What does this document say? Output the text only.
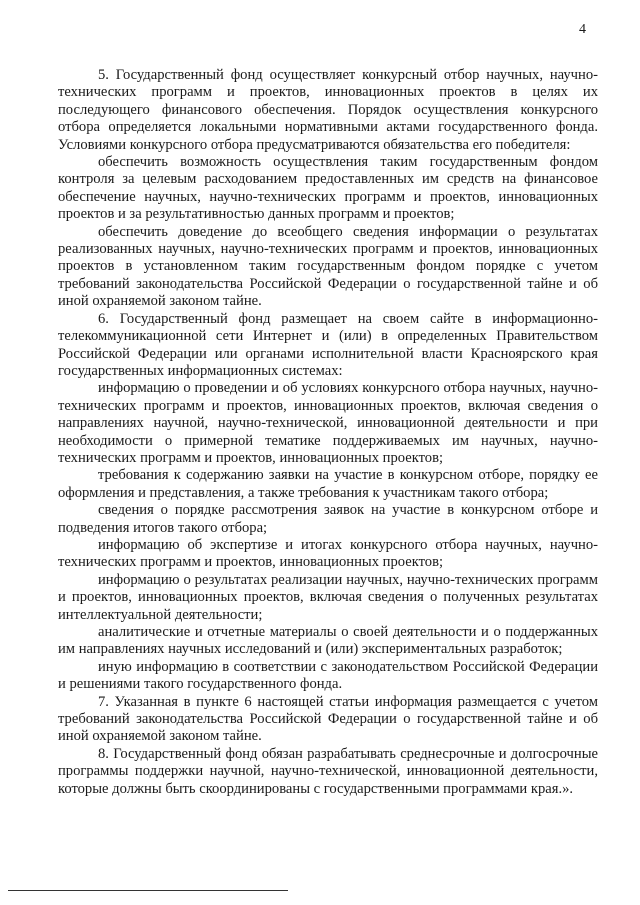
4

5. Государственный фонд осуществляет конкурсный отбор научных, научно-технических программ и проектов, инновационных проектов в целях их последующего финансового обеспечения. Порядок осуществления конкурсного отбора определяется локальными нормативными актами государственного фонда. Условиями конкурсного отбора предусматриваются обязательства его победителя:

обеспечить возможность осуществления таким государственным фондом контроля за целевым расходованием предоставленных им средств на финансовое обеспечение научных, научно-технических программ и проектов, инновационных проектов и за результативностью данных программ и проектов;

обеспечить доведение до всеобщего сведения информации о результатах реализованных научных, научно-технических программ и проектов, инновационных проектов в установленном таким государственным фондом порядке с учетом требований законодательства Российской Федерации о государственной тайне и об иной охраняемой законом тайне.

6. Государственный фонд размещает на своем сайте в информационно-телекоммуникационной сети Интернет и (или) в определенных Правительством Российской Федерации или органами исполнительной власти Красноярского края государственных информационных системах:

информацию о проведении и об условиях конкурсного отбора научных, научно-технических программ и проектов, инновационных проектов, включая сведения о направлениях научной, научно-технической, инновационной деятельности и при необходимости о примерной тематике поддерживаемых им научных, научно-технических программ и проектов, инновационных проектов;

требования к содержанию заявки на участие в конкурсном отборе, порядку ее оформления и представления, а также требования к участникам такого отбора;

сведения о порядке рассмотрения заявок на участие в конкурсном отборе и подведения итогов такого отбора;

информацию об экспертизе и итогах конкурсного отбора научных, научно-технических программ и проектов, инновационных проектов;

информацию о результатах реализации научных, научно-технических программ и проектов, инновационных проектов, включая сведения о полученных результатах интеллектуальной деятельности;

аналитические и отчетные материалы о своей деятельности и о поддержанных им направлениях научных исследований и (или) экспериментальных разработок;

иную информацию в соответствии с законодательством Российской Федерации и решениями такого государственного фонда.

7. Указанная в пункте 6 настоящей статьи информация размещается с учетом требований законодательства Российской Федерации о государственной тайне и об иной охраняемой законом тайне.

8. Государственный фонд обязан разрабатывать среднесрочные и долгосрочные программы поддержки научной, научно-технической, инновационной деятельности, которые должны быть скоординированы с государственными программами края.».
